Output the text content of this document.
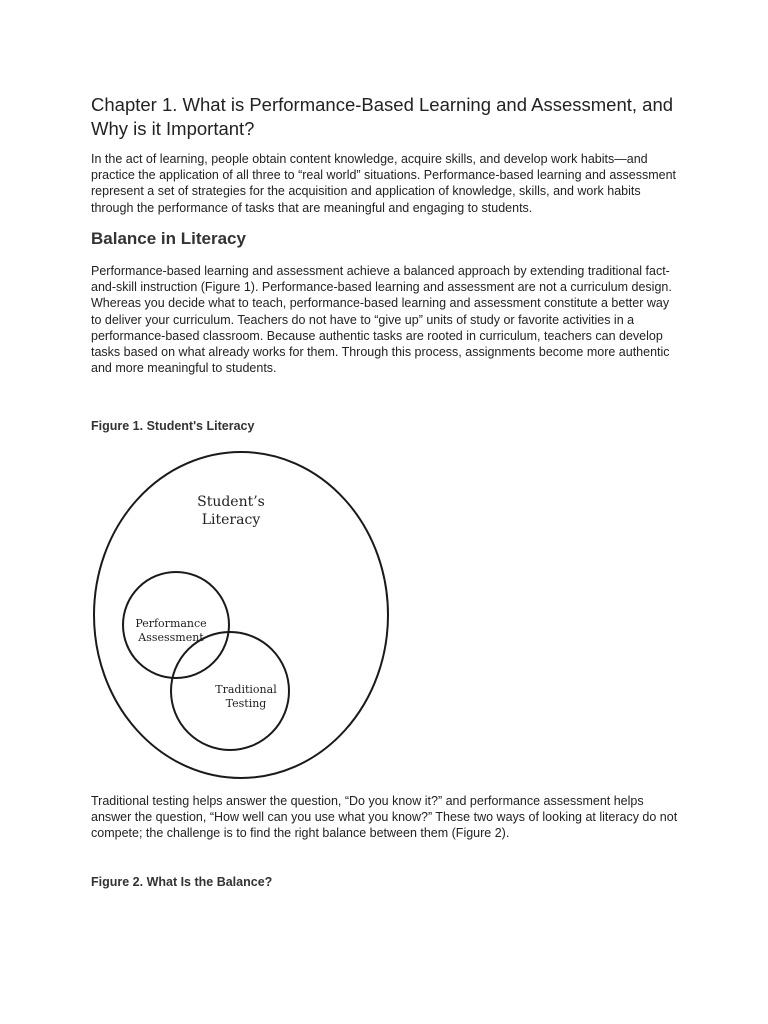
Chapter 1. What is Performance-Based Learning and Assessment, and Why is it Important?

In the act of learning, people obtain content knowledge, acquire skills, and develop work habits—and practice the application of all three to “real world” situations. Performance-based learning and assessment represent a set of strategies for the acquisition and application of knowledge, skills, and work habits through the performance of tasks that are meaningful and engaging to students.

Balance in Literacy

Performance-based learning and assessment achieve a balanced approach by extending traditional fact-and-skill instruction (Figure 1). Performance-based learning and assessment are not a curriculum design. Whereas you decide what to teach, performance-based learning and assessment constitute a better way to deliver your curriculum. Teachers do not have to “give up” units of study or favorite activities in a performance-based classroom. Because authentic tasks are rooted in curriculum, teachers can develop tasks based on what already works for them. Through this process, assignments become more authentic and more meaningful to students.

Figure 1. Student's Literacy

Student’s
Literacy
Performance
Assessment
Traditional
Testing

Traditional testing helps answer the question, “Do you know it?” and performance assessment helps answer the question, “How well can you use what you know?” These two ways of looking at literacy do not compete; the challenge is to find the right balance between them (Figure 2).

Figure 2. What Is the Balance?
